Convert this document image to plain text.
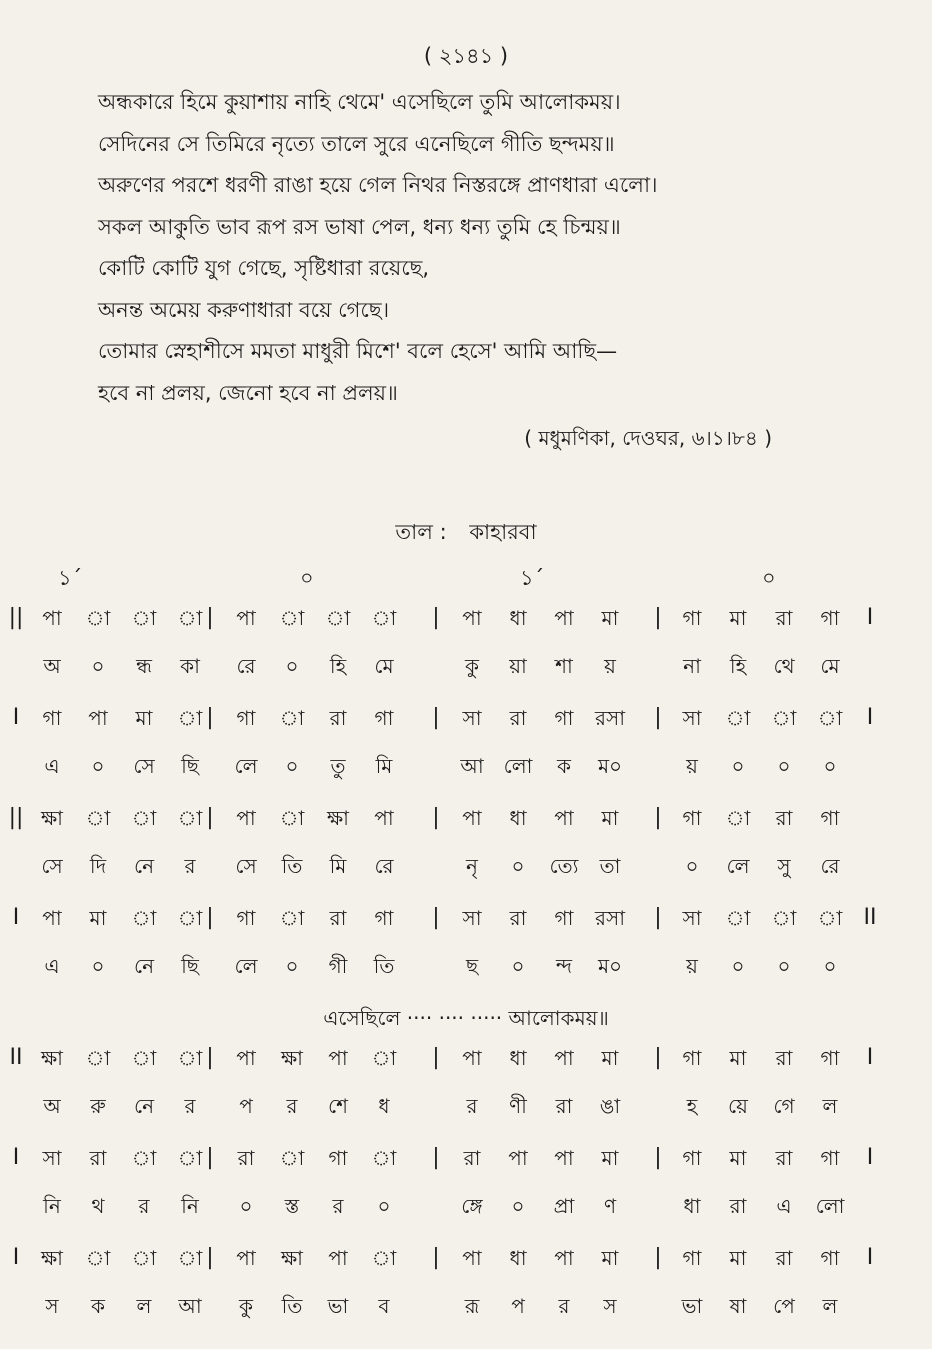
( ২১৪১ )
অন্ধকারে হিমে কুয়াশায় নাহি থেমে' এসেছিলে তুমি আলোকময়।
সেদিনের সে তিমিরে নৃত্যে তালে সুরে এনেছিলে গীতি ছন্দময়॥
অরুণের পরশে ধরণী রাঙা হয়ে গেল নিথর নিস্তরঙ্গে প্রাণধারা এলো।
সকল আকুতি ভাব রূপ রস ভাষা পেল, ধন্য ধন্য তুমি হে চিন্ময়॥
কোটি কোটি যুগ গেছে, সৃষ্টিধারা রয়েছে,
অনন্ত অমেয় করুণাধারা বয়ে গেছে।
তোমার স্নেহাশীসে মমতা মাধুরী মিশে' বলে হেসে' আমি আছি—
হবে না প্রলয়, জেনো হবে না প্রলয়॥
( মধুমণিকা, দেওঘর, ৬।১।৮৪ )
তাল : কাহারবা
১´	০	১´	০
||	|	|	|	I
পা	া	া	া	পা	া	া	া	পা	ধা	পা	মা	গা	মা	রা	গা
অ	০	ন্ধ	কা	রে	০	হি	মে	কু	য়া	শা	য়	না	হি	থে	মে
I	|	|	|	I
গা	পা	মা	া	গা	া	রা	গা	সা	রা	গা	রসা	সা	া	া	া
এ	০	সে	ছি	লে	০	তু	মি	আ লো	ক	ম০	য়	০	০	০
||	|	|	|
ক্ষা	া	া	া	পা	া	ক্ষা	পা	পা	ধা	পা	মা	গা	া	রা	গা
সে	দি	নে	র	সে	তি	মি	রে	নৃ	০	ত্যে	তা	০	লে	সু	রে
I	|	|	|	II
পা	মা	া	া	গা	া	রা	গা	সা	রা	গা	রসা	সা	া	া	া
এ	০	নে	ছি	লে	০	গী	তি	ছ	০	ন্দ	ম০	য়	০	০	০
এসেছিলে ···· ···· ····· আলোকময়॥
II	|	|	|	I
ক্ষা	া	া	া	পা	ক্ষা	পা	া	পা	ধা	পা	মা	গা	মা	রা	গা
অ	রু	নে	র	প	র	শে	ধ	র	ণী	রা	ঙা	হ	য়ে	গে	ল
I	|	|	|	I
সা	রা	া	া	রা	া	গা	া	রা	পা	পা	মা	গা	মা	রা	গা
নি	থ	র	নি	০	স্ত	র	০	ঙ্গে	০	প্রা	ণ	ধা	রা	এ	লো
I	|	|	|	I
ক্ষা	া	া	া	পা	ক্ষা	পা	া	পা	ধা	পা	মা	গা	মা	রা	গা
স	ক	ল	আ	কু	তি	ভা	ব	রূ	প	র	স	ভা	ষা	পে	ল
